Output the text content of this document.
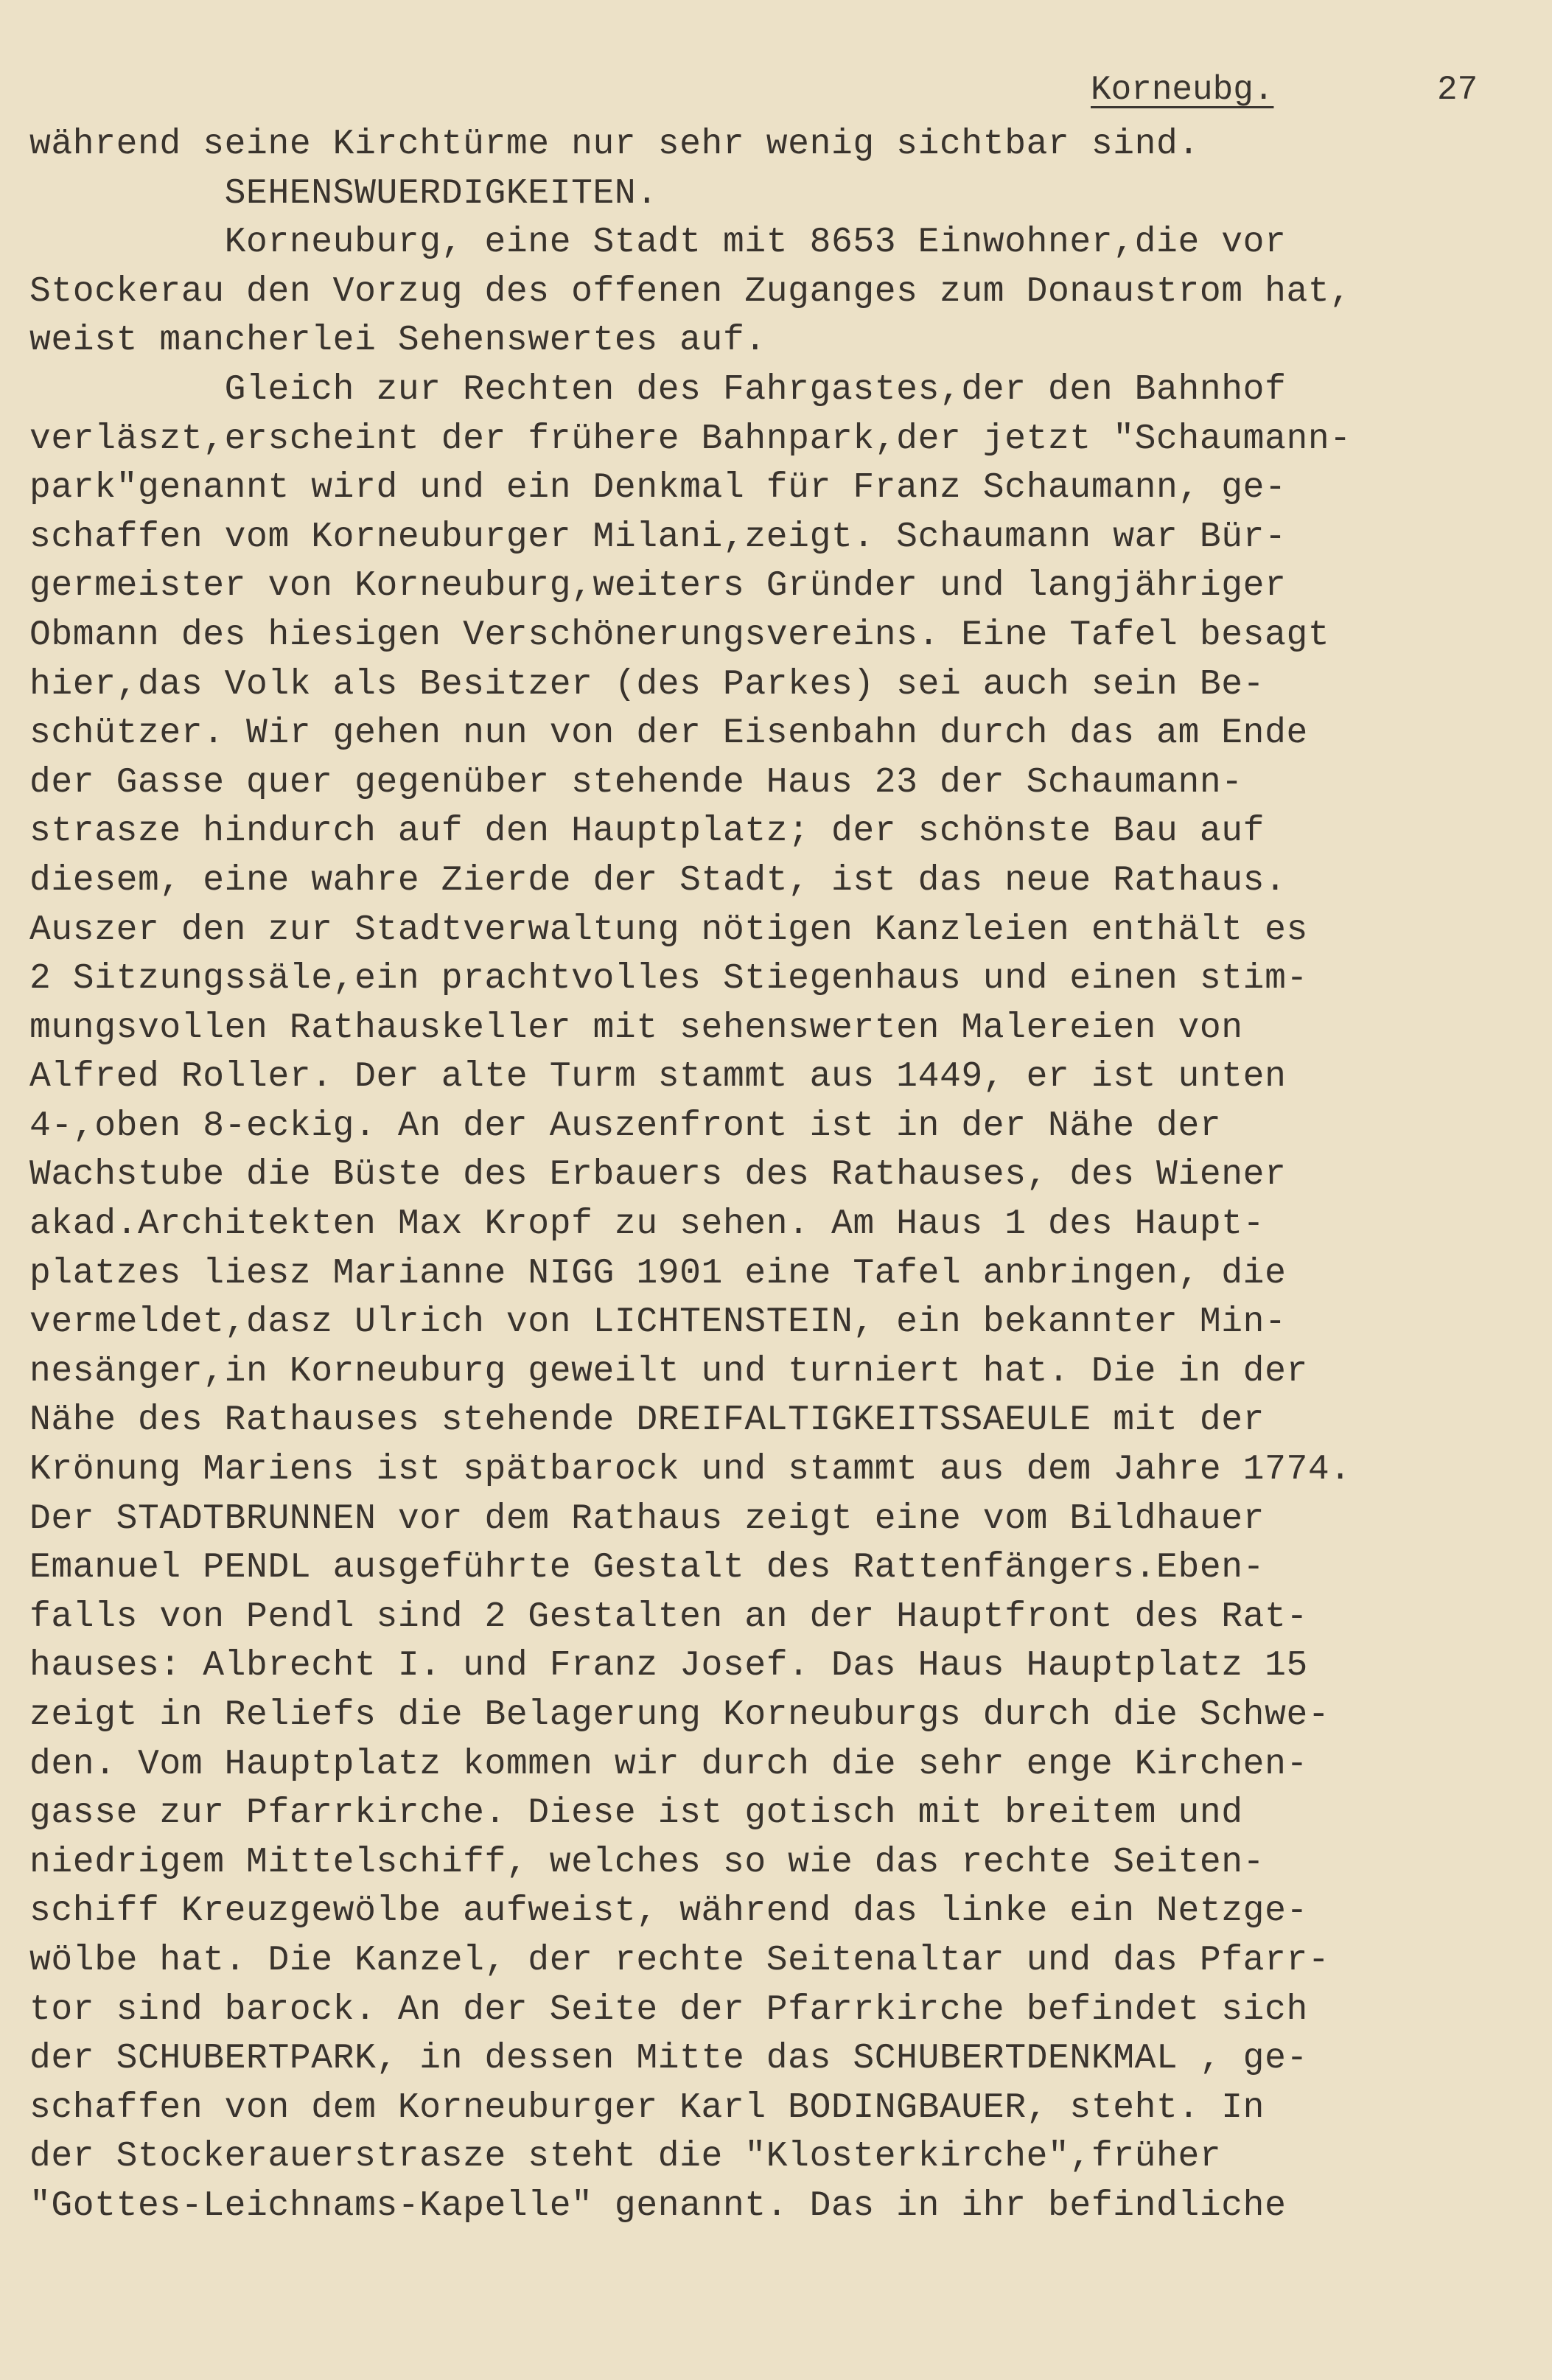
Korneubg.	27
während seine Kirchtürme nur sehr wenig sichtbar sind.
SEHENSWUERDIGKEITEN.
Korneuburg, eine Stadt mit 8653 Einwohner,die vor
Stockerau den Vorzug des offenen Zuganges zum Donaustrom hat,
weist mancherlei Sehenswertes auf.
Gleich zur Rechten des Fahrgastes,der den Bahnhof
verläszt,erscheint der frühere Bahnpark,der jetzt "Schaumann-
park"genannt wird und ein Denkmal für Franz Schaumann, ge-
schaffen vom Korneuburger Milani,zeigt. Schaumann war Bür-
germeister von Korneuburg,weiters Gründer und langjähriger
Obmann des hiesigen Verschönerungsvereins. Eine Tafel besagt
hier,das Volk als Besitzer (des Parkes) sei auch sein Be-
schützer. Wir gehen nun von der Eisenbahn durch das am Ende
der Gasse quer gegenüber stehende Haus 23 der Schaumann-
strasze hindurch auf den Hauptplatz; der schönste Bau auf
diesem, eine wahre Zierde der Stadt, ist das neue Rathaus.
Auszer den zur Stadtverwaltung nötigen Kanzleien enthält es
2 Sitzungssäle,ein prachtvolles Stiegenhaus und einen stim-
mungsvollen Rathauskeller mit sehenswerten Malereien von
Alfred Roller. Der alte Turm stammt aus 1449, er ist unten
4-,oben 8-eckig. An der Auszenfront ist in der Nähe der
Wachstube die Büste des Erbauers des Rathauses, des Wiener
akad.Architekten Max Kropf zu sehen. Am Haus 1 des Haupt-
platzes liesz Marianne NIGG 1901 eine Tafel anbringen, die
vermeldet,dasz Ulrich von LICHTENSTEIN, ein bekannter Min-
nesänger,in Korneuburg geweilt und turniert hat. Die in der
Nähe des Rathauses stehende DREIFALTIGKEITSSAEULE mit der
Krönung Mariens ist spätbarock und stammt aus dem Jahre 1774.
Der STADTBRUNNEN vor dem Rathaus zeigt eine vom Bildhauer
Emanuel PENDL ausgeführte Gestalt des Rattenfängers.Eben-
falls von Pendl sind 2 Gestalten an der Hauptfront des Rat-
hauses: Albrecht I. und Franz Josef. Das Haus Hauptplatz 15
zeigt in Reliefs die Belagerung Korneuburgs durch die Schwe-
den. Vom Hauptplatz kommen wir durch die sehr enge Kirchen-
gasse zur Pfarrkirche. Diese ist gotisch mit breitem und
niedrigem Mittelschiff, welches so wie das rechte Seiten-
schiff Kreuzgewölbe aufweist, während das linke ein Netzge-
wölbe hat. Die Kanzel, der rechte Seitenaltar und das Pfarr-
tor sind barock. An der Seite der Pfarrkirche befindet sich
der SCHUBERTPARK, in dessen Mitte das SCHUBERTDENKMAL , ge-
schaffen von dem Korneuburger Karl BODINGBAUER, steht. In
der Stockerauerstrasze steht die "Klosterkirche",früher
"Gottes-Leichnams-Kapelle" genannt. Das in ihr befindliche
